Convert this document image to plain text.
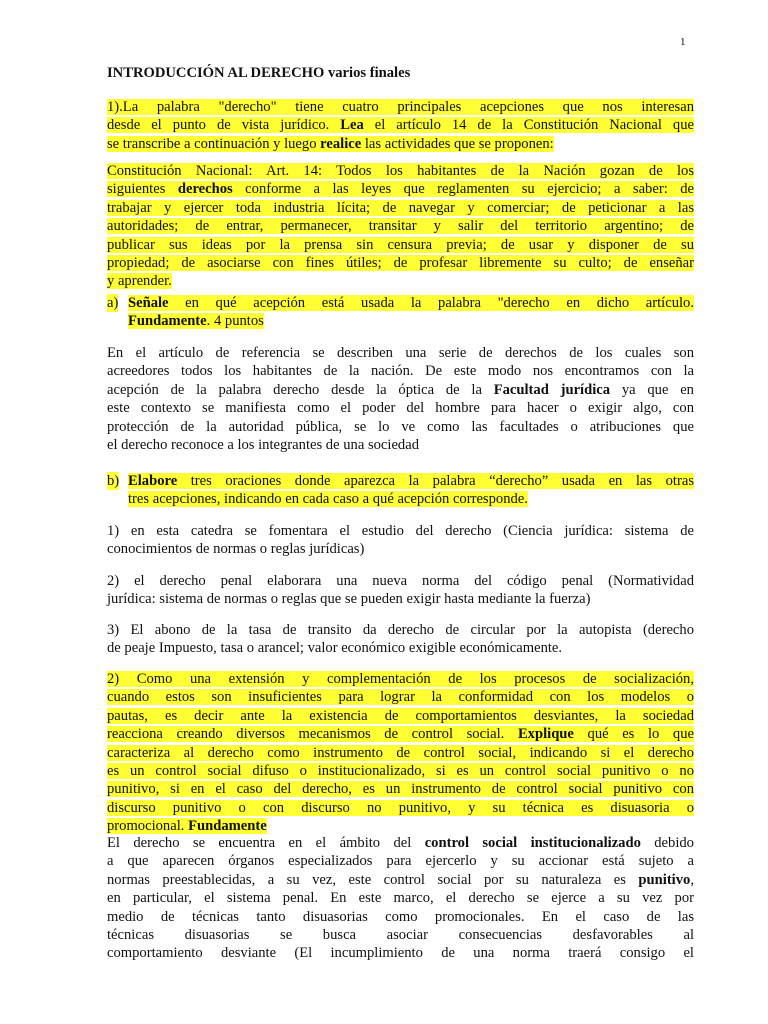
1
INTRODUCCIÓN AL DERECHO varios finales
1).La palabra "derecho" tiene cuatro principales acepciones que nos interesan
desde el punto de vista jurídico. Lea el artículo 14 de la Constitución Nacional que
se transcribe a continuación y luego realice las actividades que se proponen:
Constitución Nacional: Art. 14: Todos los habitantes de la Nación gozan de los
siguientes derechos conforme a las leyes que reglamenten su ejercicio; a saber: de
trabajar y ejercer toda industria lícita; de navegar y comerciar; de peticionar a las
autoridades; de entrar, permanecer, transitar y salir del territorio argentino; de
publicar sus ideas por la prensa sin censura previa; de usar y disponer de su
propiedad; de asociarse con fines útiles; de profesar libremente su culto; de enseñar
y aprender.
a) Señale en qué acepción está usada la palabra "derecho en dicho artículo.
Fundamente. 4 puntos
En el artículo de referencia se describen una serie de derechos de los cuales son
acreedores todos los habitantes de la nación. De este modo nos encontramos con la
acepción de la palabra derecho desde la óptica de la Facultad jurídica ya que en
este contexto se manifiesta como el poder del hombre para hacer o exigir algo, con
protección de la autoridad pública, se lo ve como las facultades o atribuciones que
el derecho reconoce a los integrantes de una sociedad
b) Elabore tres oraciones donde aparezca la palabra “derecho” usada en las otras
tres acepciones, indicando en cada caso a qué acepción corresponde.
1) en esta catedra se fomentara el estudio del derecho (Ciencia jurídica: sistema de
conocimientos de normas o reglas jurídicas)
2) el derecho penal elaborara una nueva norma del código penal (Normatividad
jurídica: sistema de normas o reglas que se pueden exigir hasta mediante la fuerza)
3) El abono de la tasa de transito da derecho de circular por la autopista (derecho
de peaje Impuesto, tasa o arancel; valor económico exigible económicamente.
2) Como una extensión y complementación de los procesos de socialización,
cuando estos son insuficientes para lograr la conformidad con los modelos o
pautas, es decir ante la existencia de comportamientos desviantes, la sociedad
reacciona creando diversos mecanismos de control social. Explique qué es lo que
caracteriza al derecho como instrumento de control social, indicando si el derecho
es un control social difuso o institucionalizado, si es un control social punitivo o no
punitivo, si en el caso del derecho, es un instrumento de control social punitivo con
discurso punitivo o con discurso no punitivo, y su técnica es disuasoria o
promocional. Fundamente
El derecho se encuentra en el ámbito del control social institucionalizado debido
a que aparecen órganos especializados para ejercerlo y su accionar está sujeto a
normas preestablecidas, a su vez, este control social por su naturaleza es punitivo,
en particular, el sistema penal. En este marco, el derecho se ejerce a su vez por
medio de técnicas tanto disuasorias como promocionales. En el caso de las
técnicas disuasorias se busca asociar consecuencias desfavorables al
comportamiento desviante (El incumplimiento de una norma traerá consigo el
